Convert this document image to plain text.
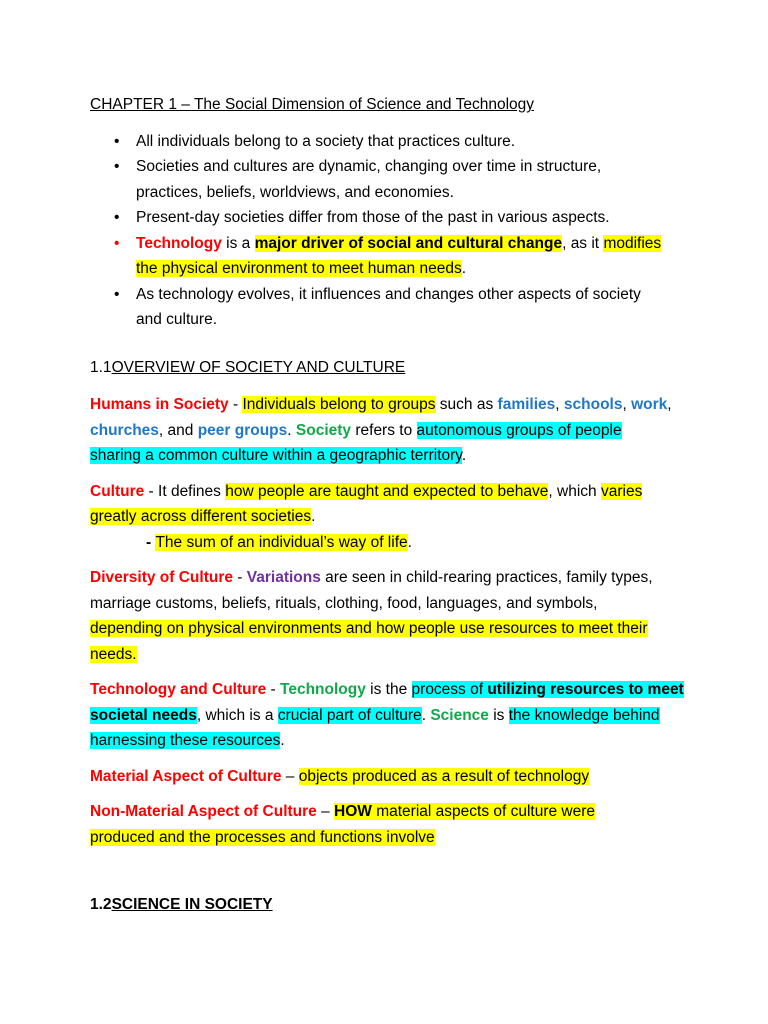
CHAPTER 1 – The Social Dimension of Science and Technology
• All individuals belong to a society that practices culture.
• Societies and cultures are dynamic, changing over time in structure,
practices, beliefs, worldviews, and economies.
• Present-day societies differ from those of the past in various aspects.
• Technology is a major driver of social and cultural change, as it modifies
the physical environment to meet human needs.
• As technology evolves, it influences and changes other aspects of society
and culture.
1.1OVERVIEW OF SOCIETY AND CULTURE
Humans in Society - Individuals belong to groups such as families, schools, work,
churches, and peer groups. Society refers to autonomous groups of people
sharing a common culture within a geographic territory.
Culture - It defines how people are taught and expected to behave, which varies
greatly across different societies.
- The sum of an individual’s way of life.
Diversity of Culture - Variations are seen in child-rearing practices, family types,
marriage customs, beliefs, rituals, clothing, food, languages, and symbols,
depending on physical environments and how people use resources to meet their
needs.
Technology and Culture - Technology is the process of utilizing resources to meet
societal needs, which is a crucial part of culture. Science is the knowledge behind
harnessing these resources.
Material Aspect of Culture – objects produced as a result of technology
Non-Material Aspect of Culture – HOW material aspects of culture were
produced and the processes and functions involve
1.2SCIENCE IN SOCIETY
